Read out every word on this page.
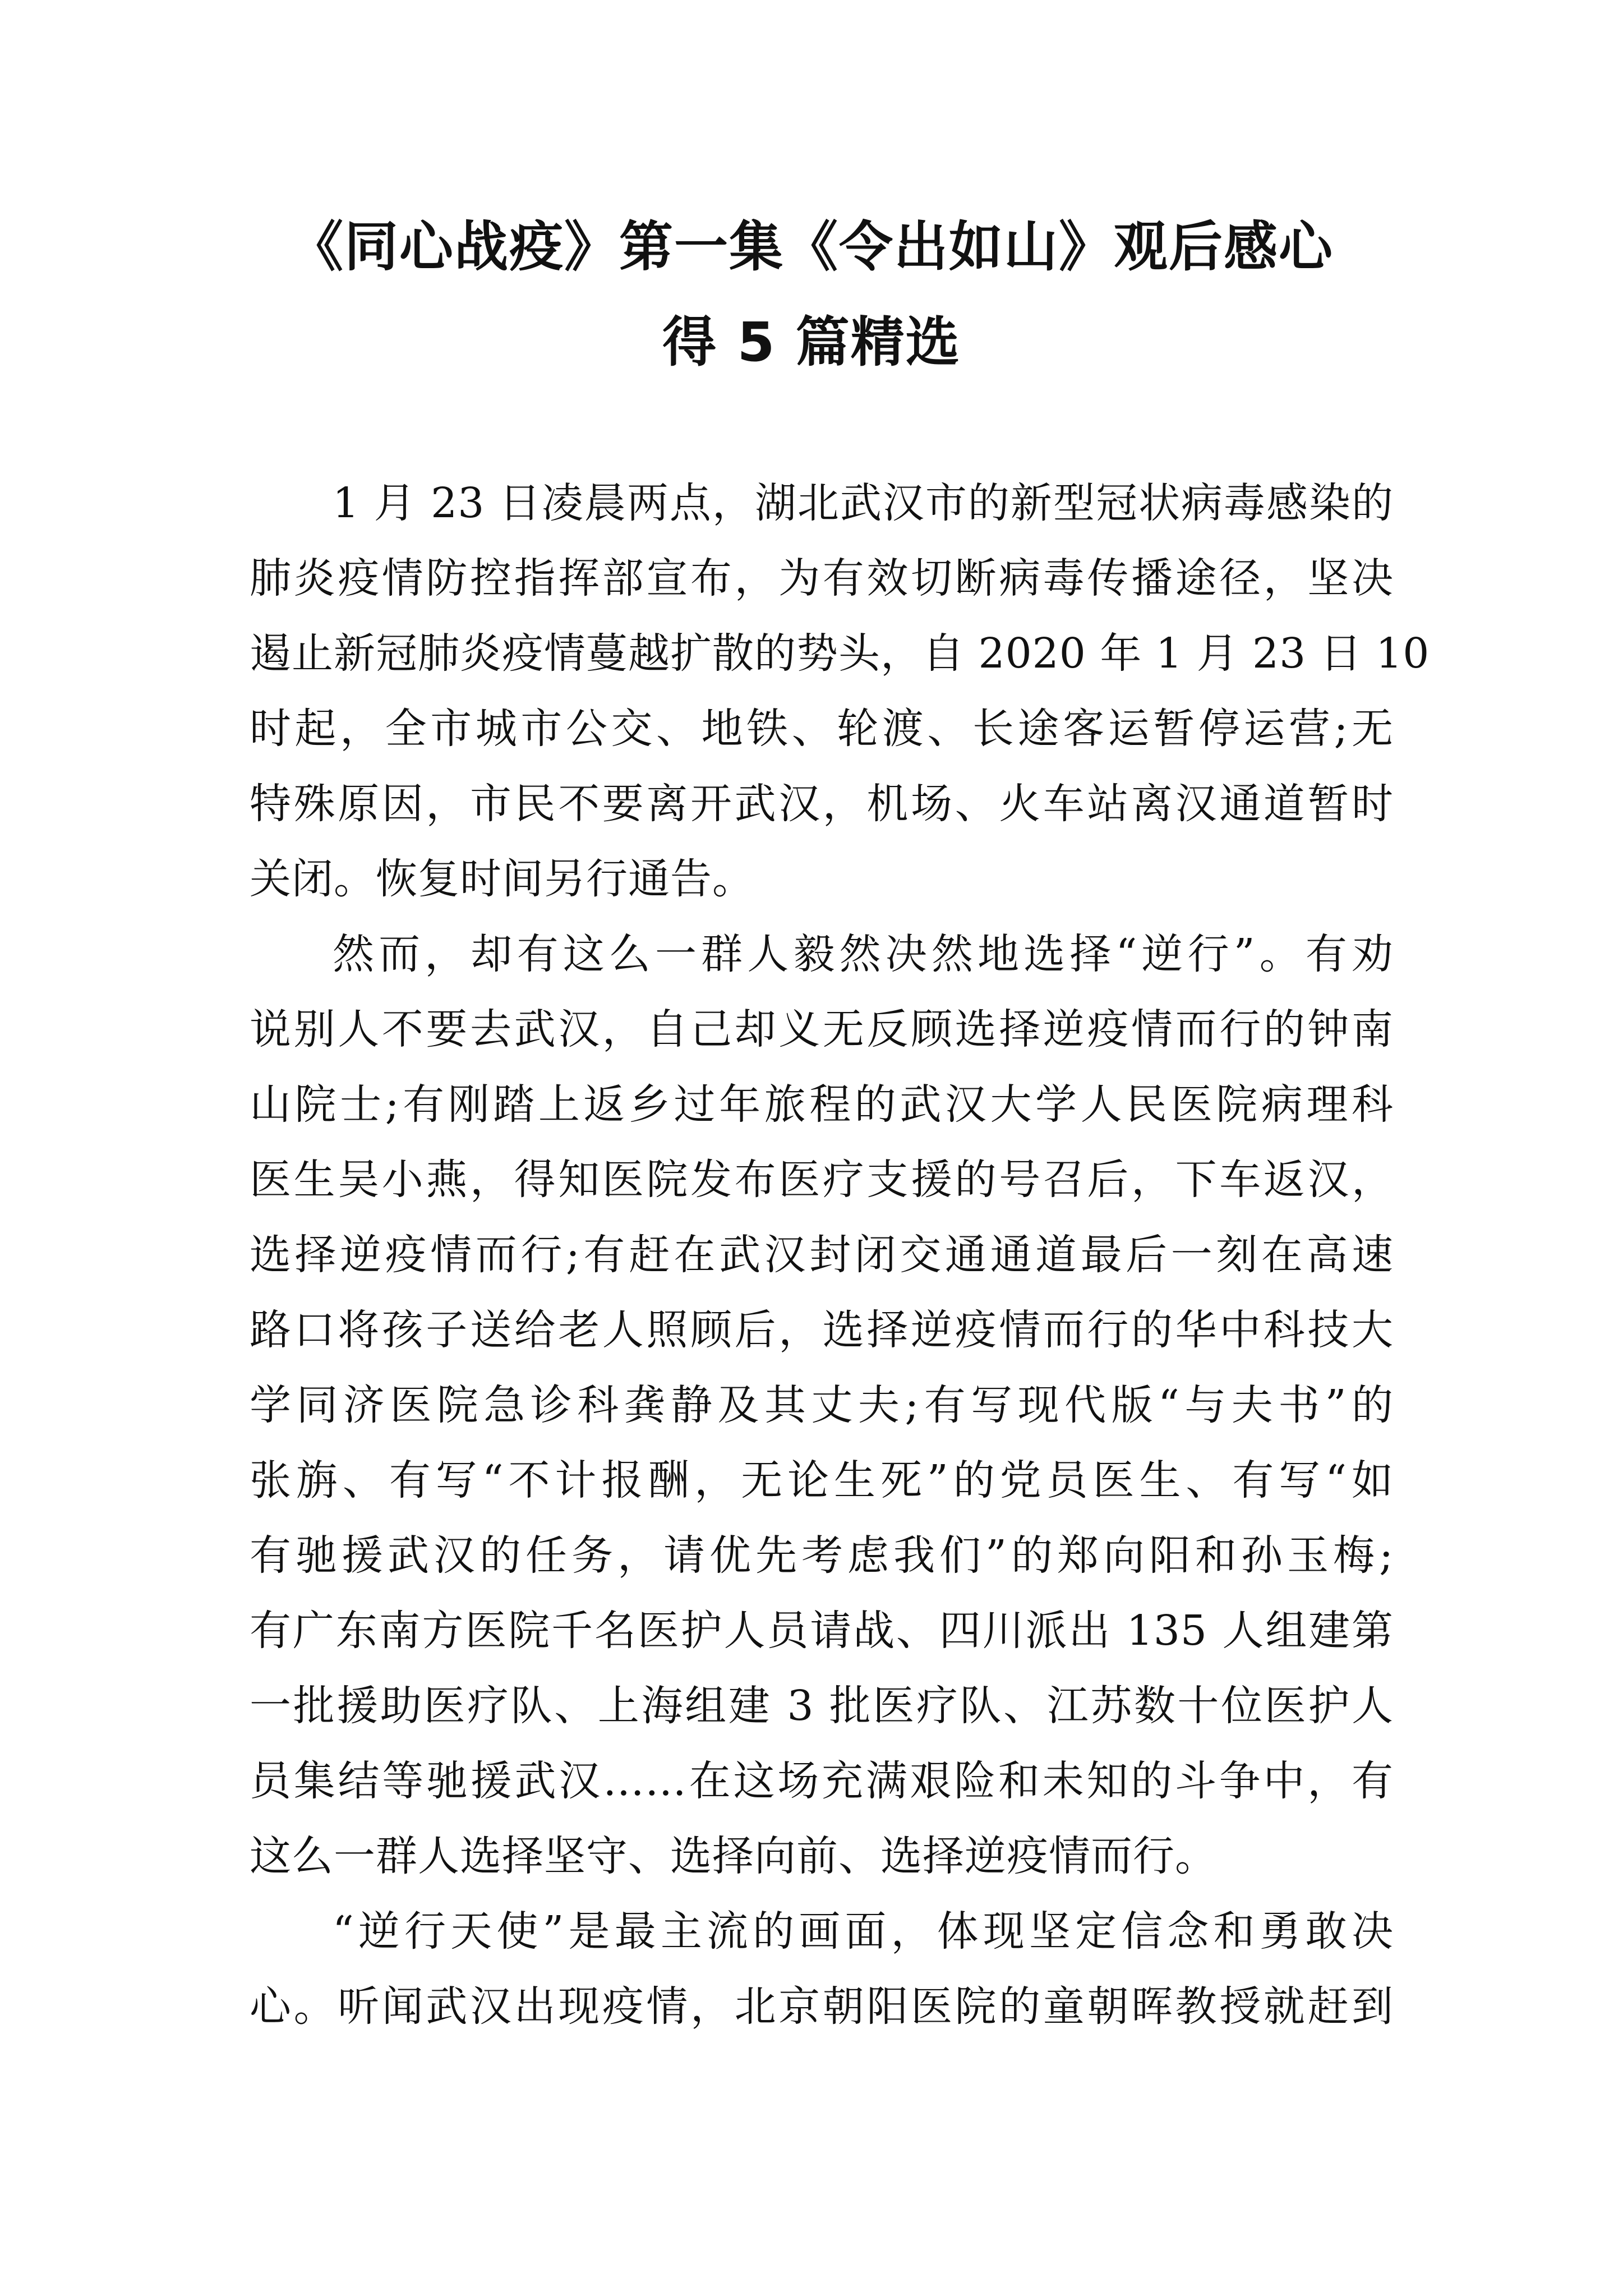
《同心战疫》第一集《令出如山》观后感心
得 5 篇精选

1 月 23 日凌晨两点，湖北武汉市的新型冠状病毒感染的
肺炎疫情防控指挥部宣布，为有效切断病毒传播途径，坚决
遏止新冠肺炎疫情蔓越扩散的势头，自 2020 年 1 月 23 日 10
时起，全市城市公交、地铁、轮渡、长途客运暂停运营;无
特殊原因，市民不要离开武汉，机场、火车站离汉通道暂时
关闭。恢复时间另行通告。

然而，却有这么一群人毅然决然地选择“逆行”。有劝
说别人不要去武汉，自己却义无反顾选择逆疫情而行的钟南
山院士;有刚踏上返乡过年旅程的武汉大学人民医院病理科
医生吴小燕，得知医院发布医疗支援的号召后，下车返汉，
选择逆疫情而行;有赶在武汉封闭交通通道最后一刻在高速
路口将孩子送给老人照顾后，选择逆疫情而行的华中科技大
学同济医院急诊科龚静及其丈夫;有写现代版“与夫书”的
张旃、有写“不计报酬，无论生死”的党员医生、有写“如
有驰援武汉的任务，请优先考虑我们”的郑向阳和孙玉梅;
有广东南方医院千名医护人员请战、四川派出 135 人组建第
一批援助医疗队、上海组建 3 批医疗队、江苏数十位医护人
员集结等驰援武汉……在这场充满艰险和未知的斗争中，有
这么一群人选择坚守、选择向前、选择逆疫情而行。

“逆行天使”是最主流的画面，体现坚定信念和勇敢决
心。听闻武汉出现疫情，北京朝阳医院的童朝晖教授就赶到
